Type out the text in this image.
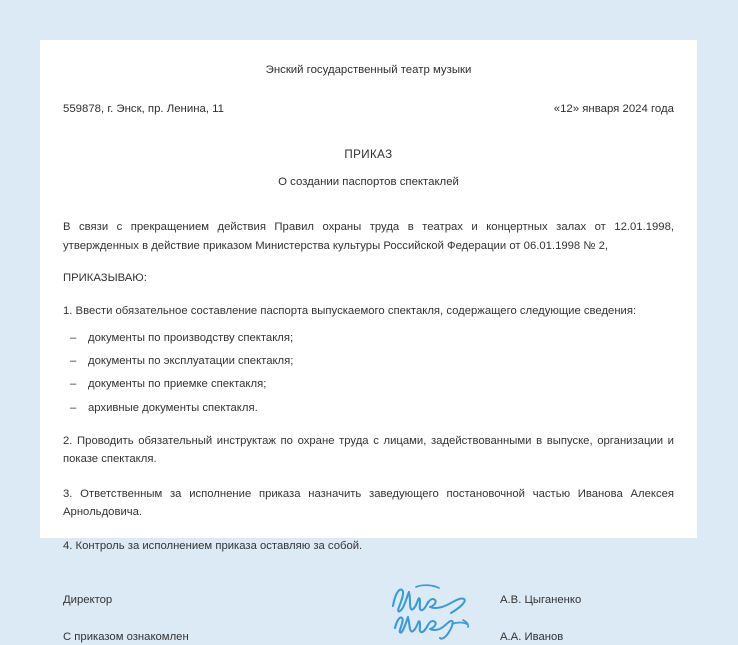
Энский государственный театр музыки
559878, г. Энск, пр. Ленина, 11	«12» января 2024 года
ПРИКАЗ
О создании паспортов спектаклей
В связи с прекращением действия Правил охраны труда в театрах и концертных залах от 12.01.1998, утвержденных в действие приказом Министерства культуры Российской Федерации от 06.01.1998 № 2,
ПРИКАЗЫВАЮ:
1. Ввести обязательное составление паспорта выпускаемого спектакля, содержащего следующие сведения:
– документы по производству спектакля;
– документы по эксплуатации спектакля;
– документы по приемке спектакля;
– архивные документы спектакля.
2. Проводить обязательный инструктаж по охране труда с лицами, задействованными в выпуске, организации и показе спектакля.
3. Ответственным за исполнение приказа назначить заведующего постановочной частью Иванова Алексея Арнольдовича.
4. Контроль за исполнением приказа оставляю за собой.
Директор	А.В. Цыганенко
С приказом ознакомлен	А.А. Иванов
